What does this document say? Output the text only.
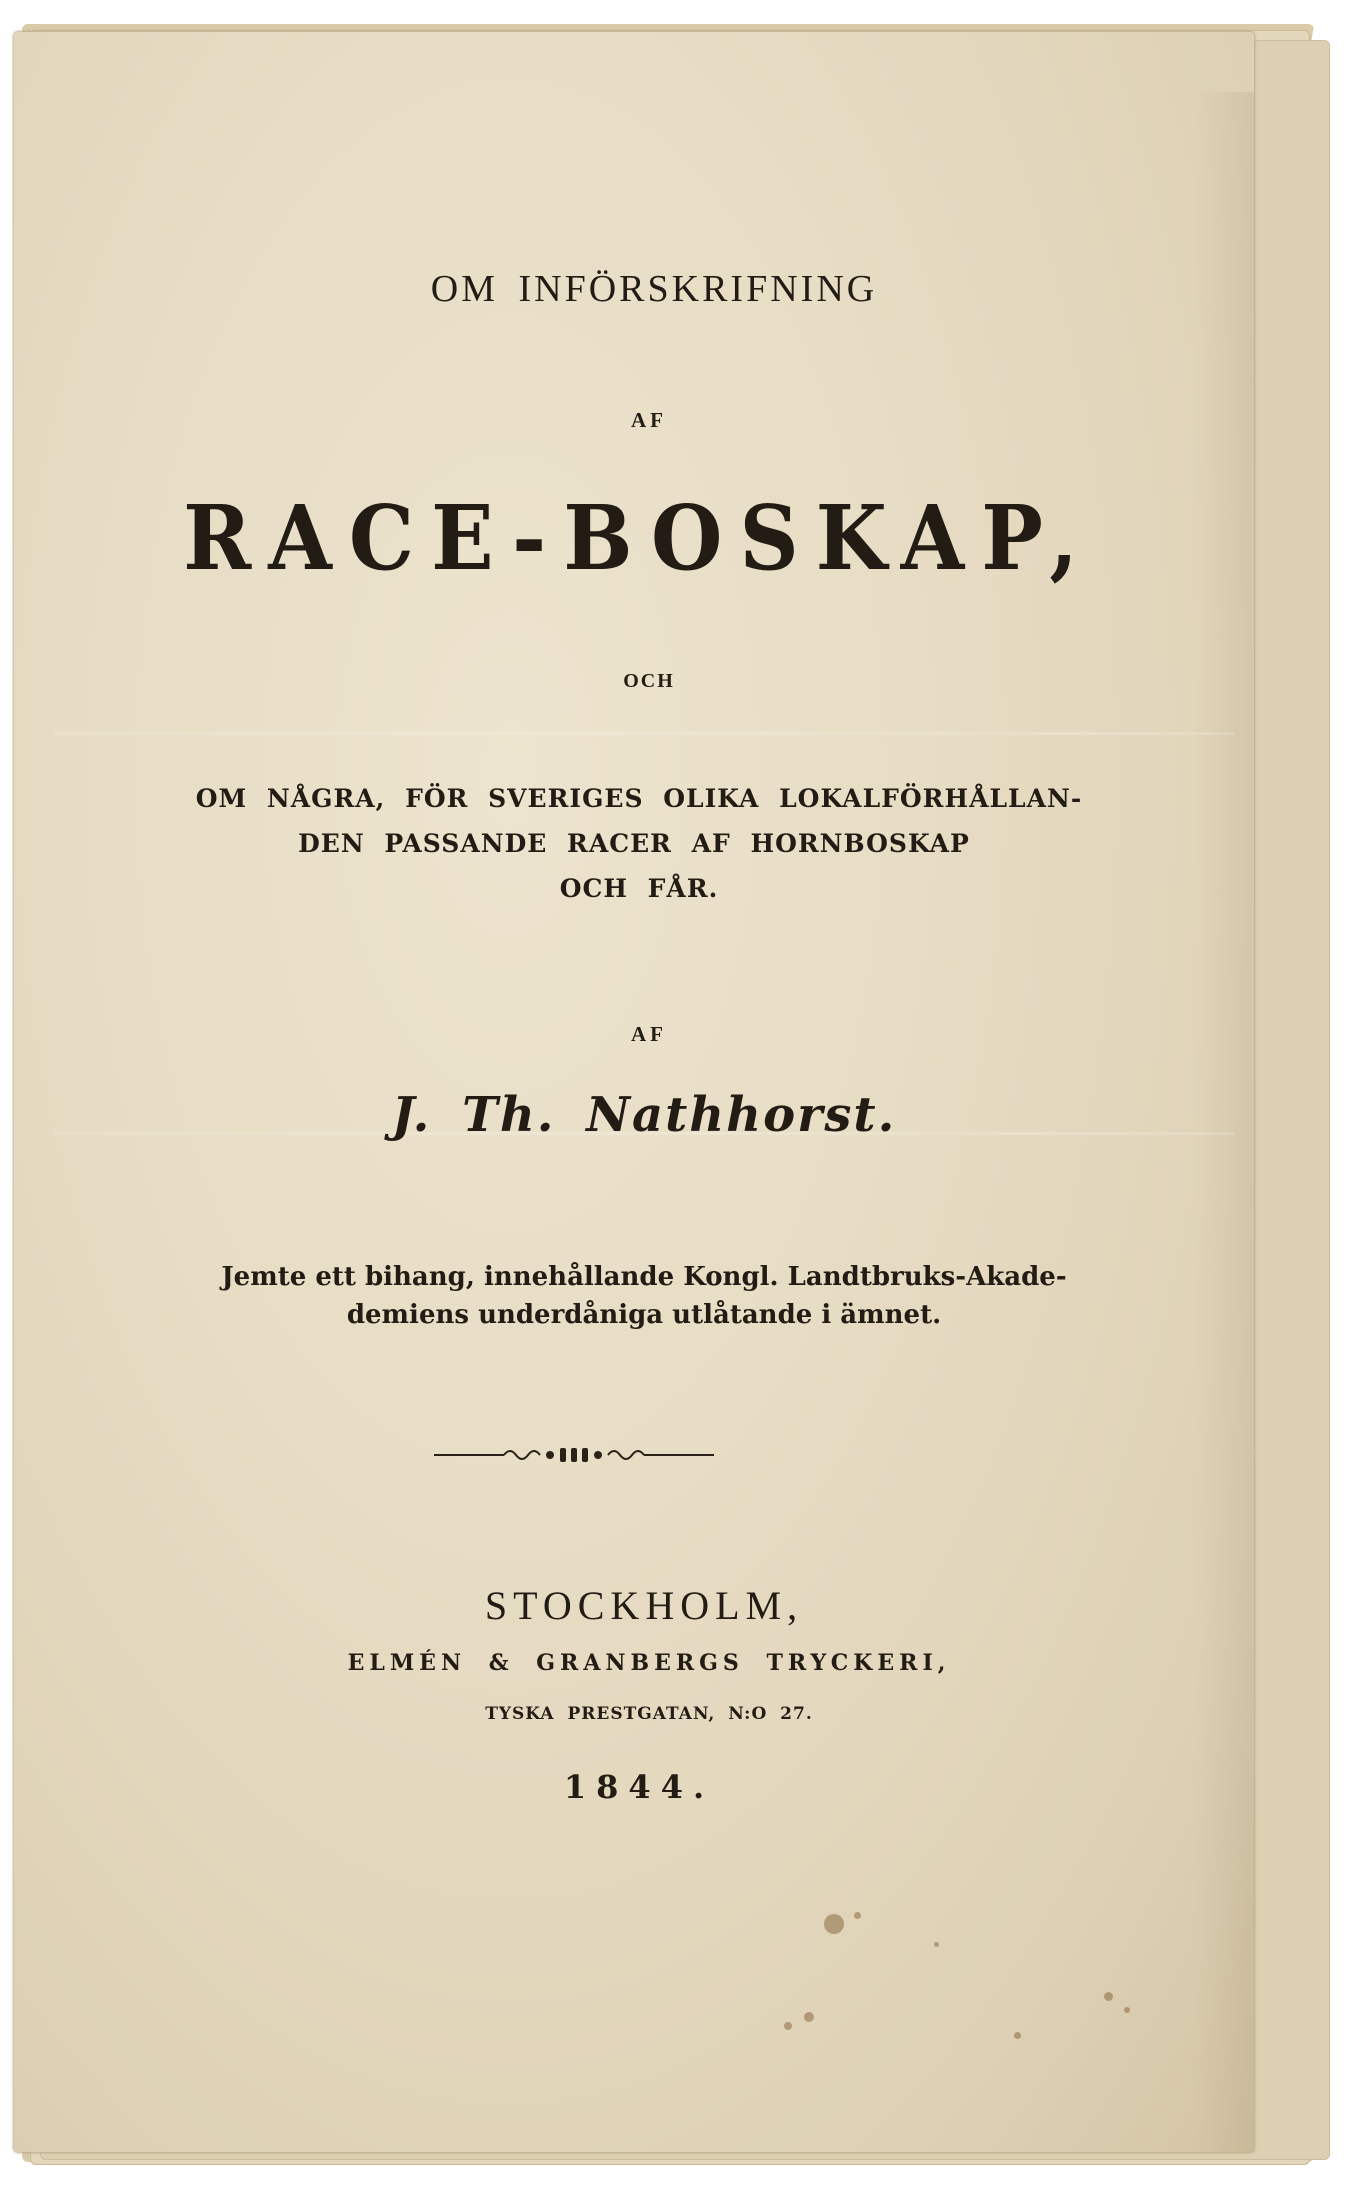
OM INFÖRSKRIFNING

AF

RACE-BOSKAP,

OCH

OM NÅGRA, FÖR SVERIGES OLIKA LOKALFÖRHÅLLAN-

DEN PASSANDE RACER AF HORNBOSKAP

OCH FÅR.

AF

J. Th. Nathhorst.

Jemte ett bihang, innehållande Kongl. Landtbruks-Akade-

demiens underdåniga utlåtande i ämnet.

STOCKHOLM,

ELMÉN & GRANBERGS TRYCKERI,

TYSKA PRESTGATAN, N:O 27.

1844.
